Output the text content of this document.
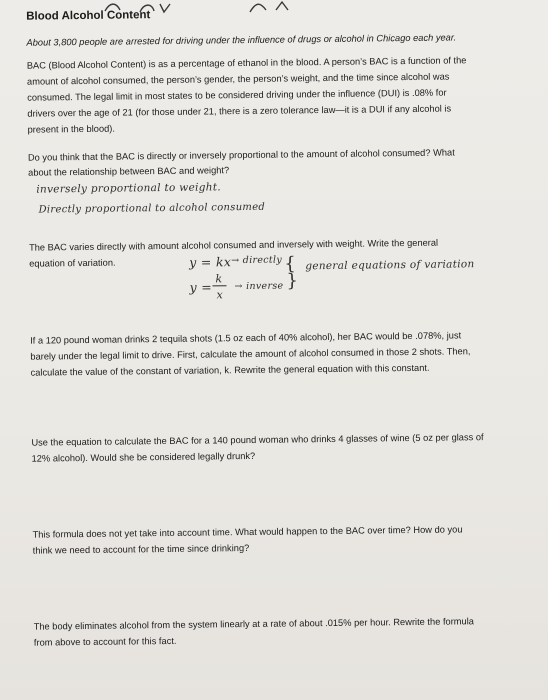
Blood Alcohol Content
About 3,800 people are arrested for driving under the influence of drugs or alcohol in Chicago each year.
BAC (Blood Alcohol Content) is as a percentage of ethanol in the blood. A person’s BAC is a function of the
amount of alcohol consumed, the person’s gender, the person’s weight, and the time since alcohol was
consumed. The legal limit in most states to be considered driving under the influence (DUI) is .08% for
drivers over the age of 21 (for those under 21, there is a zero tolerance law—it is a DUI if any alcohol is
present in the blood).
Do you think that the BAC is directly or inversely proportional to the amount of alcohol consumed? What
about the relationship between BAC and weight?
inversely proportional to weight.
Directly proportional to alcohol consumed
The BAC varies directly with amount alcohol consumed and inversely with weight. Write the general
equation of variation.	y = kx → directly { general equations of variation
y =
k
x
→ inverse }
If a 120 pound woman drinks 2 tequila shots (1.5 oz each of 40% alcohol), her BAC would be .078%, just
barely under the legal limit to drive. First, calculate the amount of alcohol consumed in those 2 shots. Then,
calculate the value of the constant of variation, k. Rewrite the general equation with this constant.
Use the equation to calculate the BAC for a 140 pound woman who drinks 4 glasses of wine (5 oz per glass of
12% alcohol). Would she be considered legally drunk?
This formula does not yet take into account time. What would happen to the BAC over time? How do you
think we need to account for the time since drinking?
The body eliminates alcohol from the system linearly at a rate of about .015% per hour. Rewrite the formula
from above to account for this fact.
